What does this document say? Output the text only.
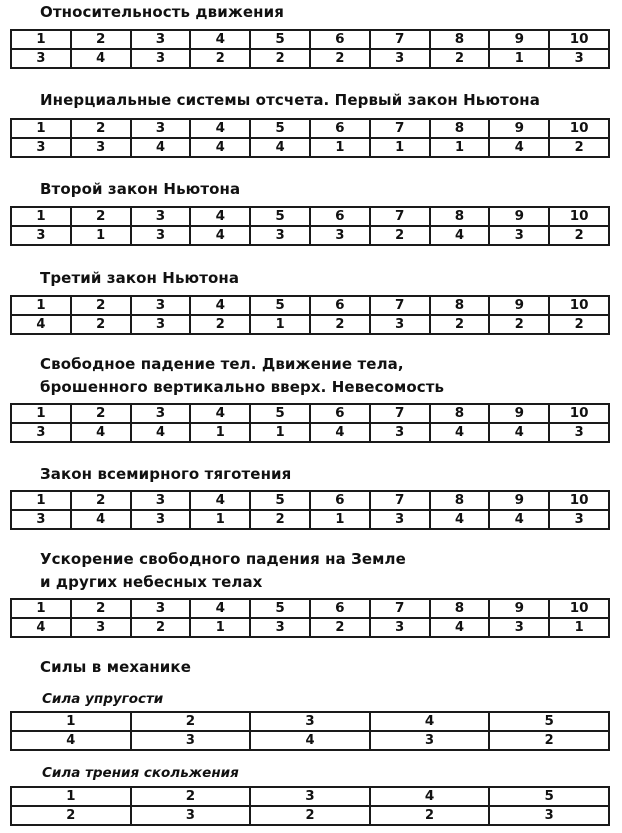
Относительность движения
1	2	3	4	5	6	7	8	9	10
3	4	3	2	2	2	3	2	1	3
Инерциальные системы отсчета. Первый закон Ньютона
1	2	3	4	5	6	7	8	9	10
3	3	4	4	4	1	1	1	4	2
Второй закон Ньютона
1	2	3	4	5	6	7	8	9	10
3	1	3	4	3	3	2	4	3	2
Третий закон Ньютона
1	2	3	4	5	6	7	8	9	10
4	2	3	2	1	2	3	2	2	2
Свободное падение тел. Движение тела,
брошенного вертикально вверх. Невесомость
1	2	3	4	5	6	7	8	9	10
3	4	4	1	1	4	3	4	4	3
Закон всемирного тяготения
1	2	3	4	5	6	7	8	9	10
3	4	3	1	2	1	3	4	4	3
Ускорение свободного падения на Земле
и других небесных телах
1	2	3	4	5	6	7	8	9	10
4	3	2	1	3	2	3	4	3	1
Силы в механике
Сила упругости
1	2	3	4	5
4	3	4	3	2
Сила трения скольжения
1	2	3	4	5
2	3	2	2	3
